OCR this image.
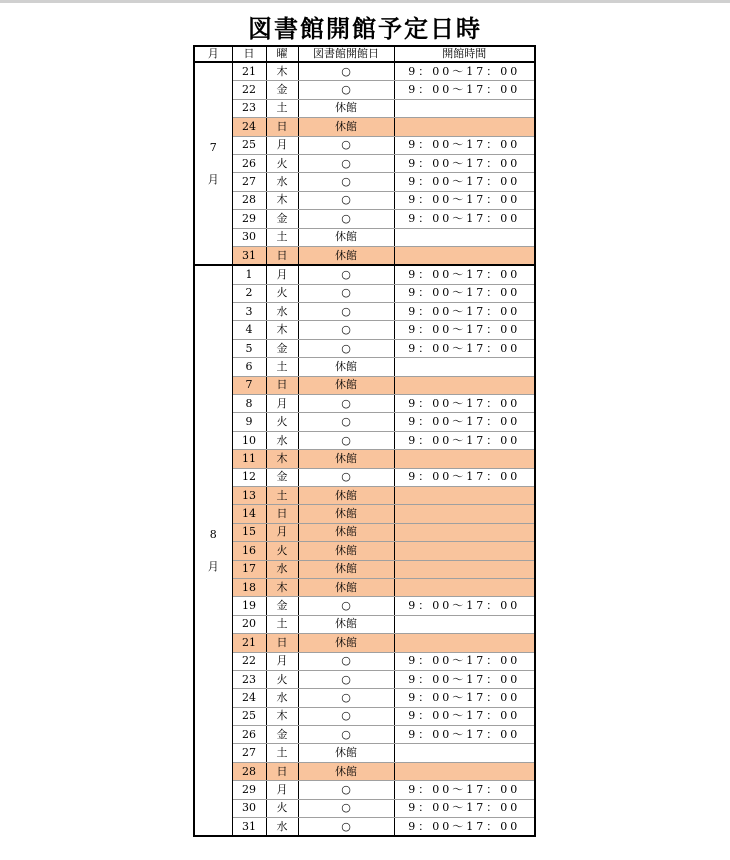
図書館開館予定日時
月	日	曜	図書館開館日	開館時間

7
月	21	木	○	9：00～17：00
	22	金	○	9：00～17：00
	23	土	休館	
	24	日	休館	
	25	月	○	9：00～17：00
	26	火	○	9：00～17：00
	27	水	○	9：00～17：00
	28	木	○	9：00～17：00
	29	金	○	9：00～17：00
	30	土	休館	
	31	日	休館	

8
月	1	月	○	9：00～17：00
	2	火	○	9：00～17：00
	3	水	○	9：00～17：00
	4	木	○	9：00～17：00
	5	金	○	9：00～17：00
	6	土	休館	
	7	日	休館	
	8	月	○	9：00～17：00
	9	火	○	9：00～17：00
	10	水	○	9：00～17：00
	11	木	休館	
	12	金	○	9：00～17：00
	13	土	休館	
	14	日	休館	
	15	月	休館	
	16	火	休館	
	17	水	休館	
	18	木	休館	
	19	金	○	9：00～17：00
	20	土	休館	
	21	日	休館	
	22	月	○	9：00～17：00
	23	火	○	9：00～17：00
	24	水	○	9：00～17：00
	25	木	○	9：00～17：00
	26	金	○	9：00～17：00
	27	土	休館	
	28	日	休館	
	29	月	○	9：00～17：00
	30	火	○	9：00～17：00
	31	水	○	9：00～17：00
